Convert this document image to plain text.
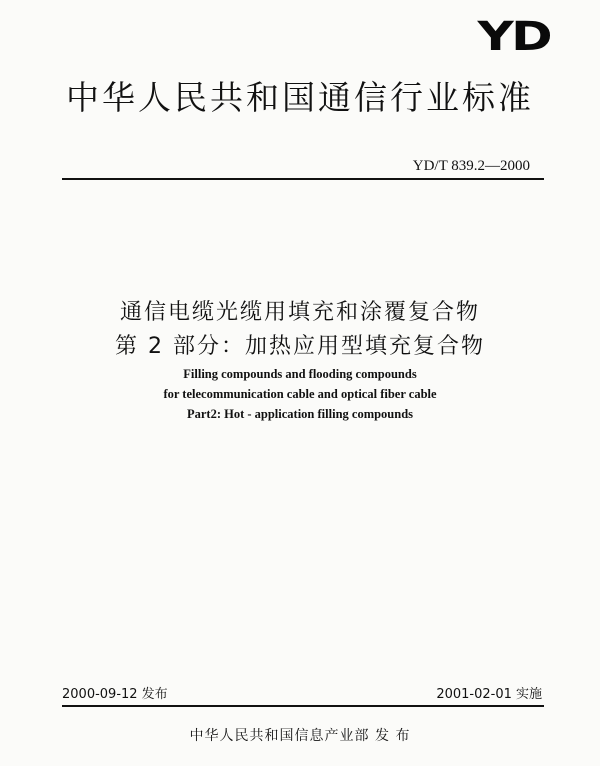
YD
中华人民共和国通信行业标准
YD/T 839.2—2000
通信电缆光缆用填充和涂覆复合物
第 2 部分：加热应用型填充复合物
Filling compounds and flooding compounds
for telecommunication cable and optical fiber cable
Part2: Hot - application filling compounds
2000-09-12 发布	2001-02-01 实施
中华人民共和国信息产业部 发 布
